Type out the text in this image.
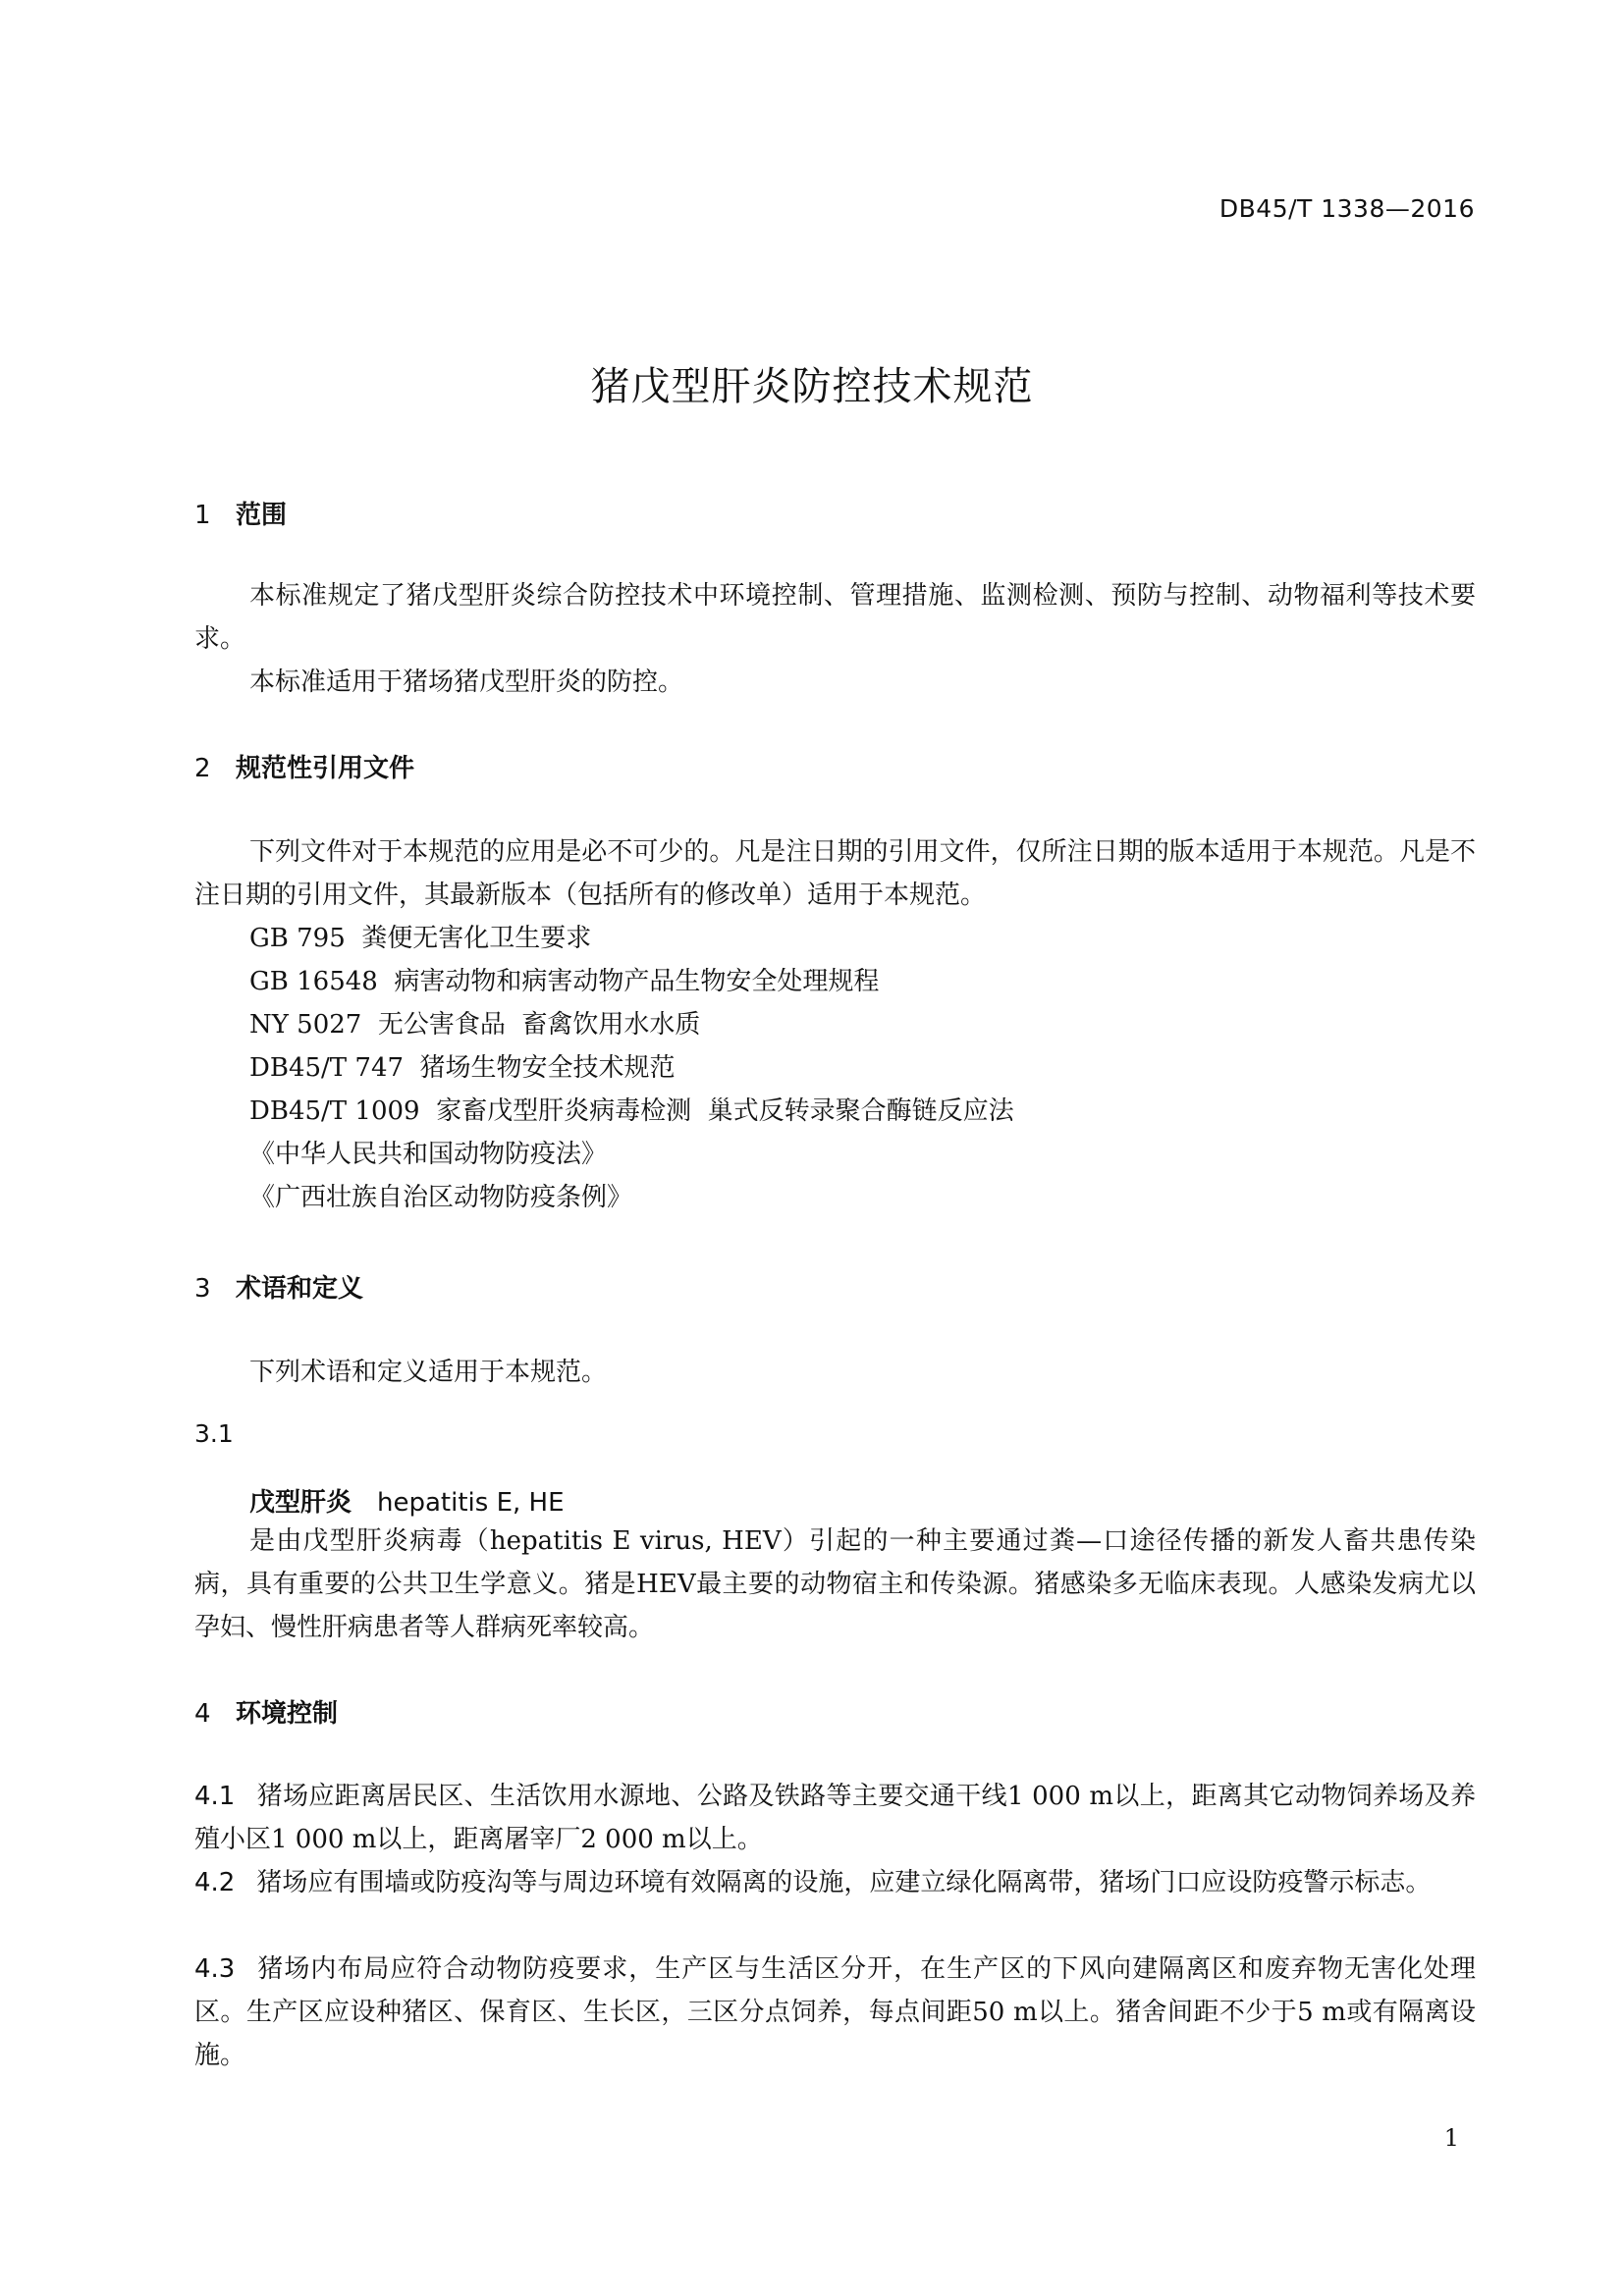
DB45/T 1338—2016
猪戊型肝炎防控技术规范
1 范围
本标准规定了猪戊型肝炎综合防控技术中环境控制、管理措施、监测检测、预防与控制、动物福利等技术要求。
本标准适用于猪场猪戊型肝炎的防控。
2 规范性引用文件
下列文件对于本规范的应用是必不可少的。凡是注日期的引用文件，仅所注日期的版本适用于本规范。凡是不注日期的引用文件，其最新版本（包括所有的修改单）适用于本规范。
GB 795  粪便无害化卫生要求
GB 16548  病害动物和病害动物产品生物安全处理规程
NY 5027  无公害食品  畜禽饮用水水质
DB45/T 747  猪场生物安全技术规范
DB45/T 1009  家畜戊型肝炎病毒检测  巢式反转录聚合酶链反应法
《中华人民共和国动物防疫法》
《广西壮族自治区动物防疫条例》
3 术语和定义
下列术语和定义适用于本规范。
3.1
戊型肝炎 hepatitis E, HE
是由戊型肝炎病毒（hepatitis E virus, HEV）引起的一种主要通过粪—口途径传播的新发人畜共患传染病，具有重要的公共卫生学意义。猪是HEV最主要的动物宿主和传染源。猪感染多无临床表现。人感染发病尤以孕妇、慢性肝病患者等人群病死率较高。
4 环境控制
4.1 猪场应距离居民区、生活饮用水源地、公路及铁路等主要交通干线1 000 m以上，距离其它动物饲养场及养殖小区1 000 m以上，距离屠宰厂2 000 m以上。
4.2 猪场应有围墙或防疫沟等与周边环境有效隔离的设施，应建立绿化隔离带，猪场门口应设防疫警示标志。
4.3 猪场内布局应符合动物防疫要求，生产区与生活区分开，在生产区的下风向建隔离区和废弃物无害化处理区。生产区应设种猪区、保育区、生长区，三区分点饲养，每点间距50 m以上。猪舍间距不少于5 m或有隔离设施。
1
